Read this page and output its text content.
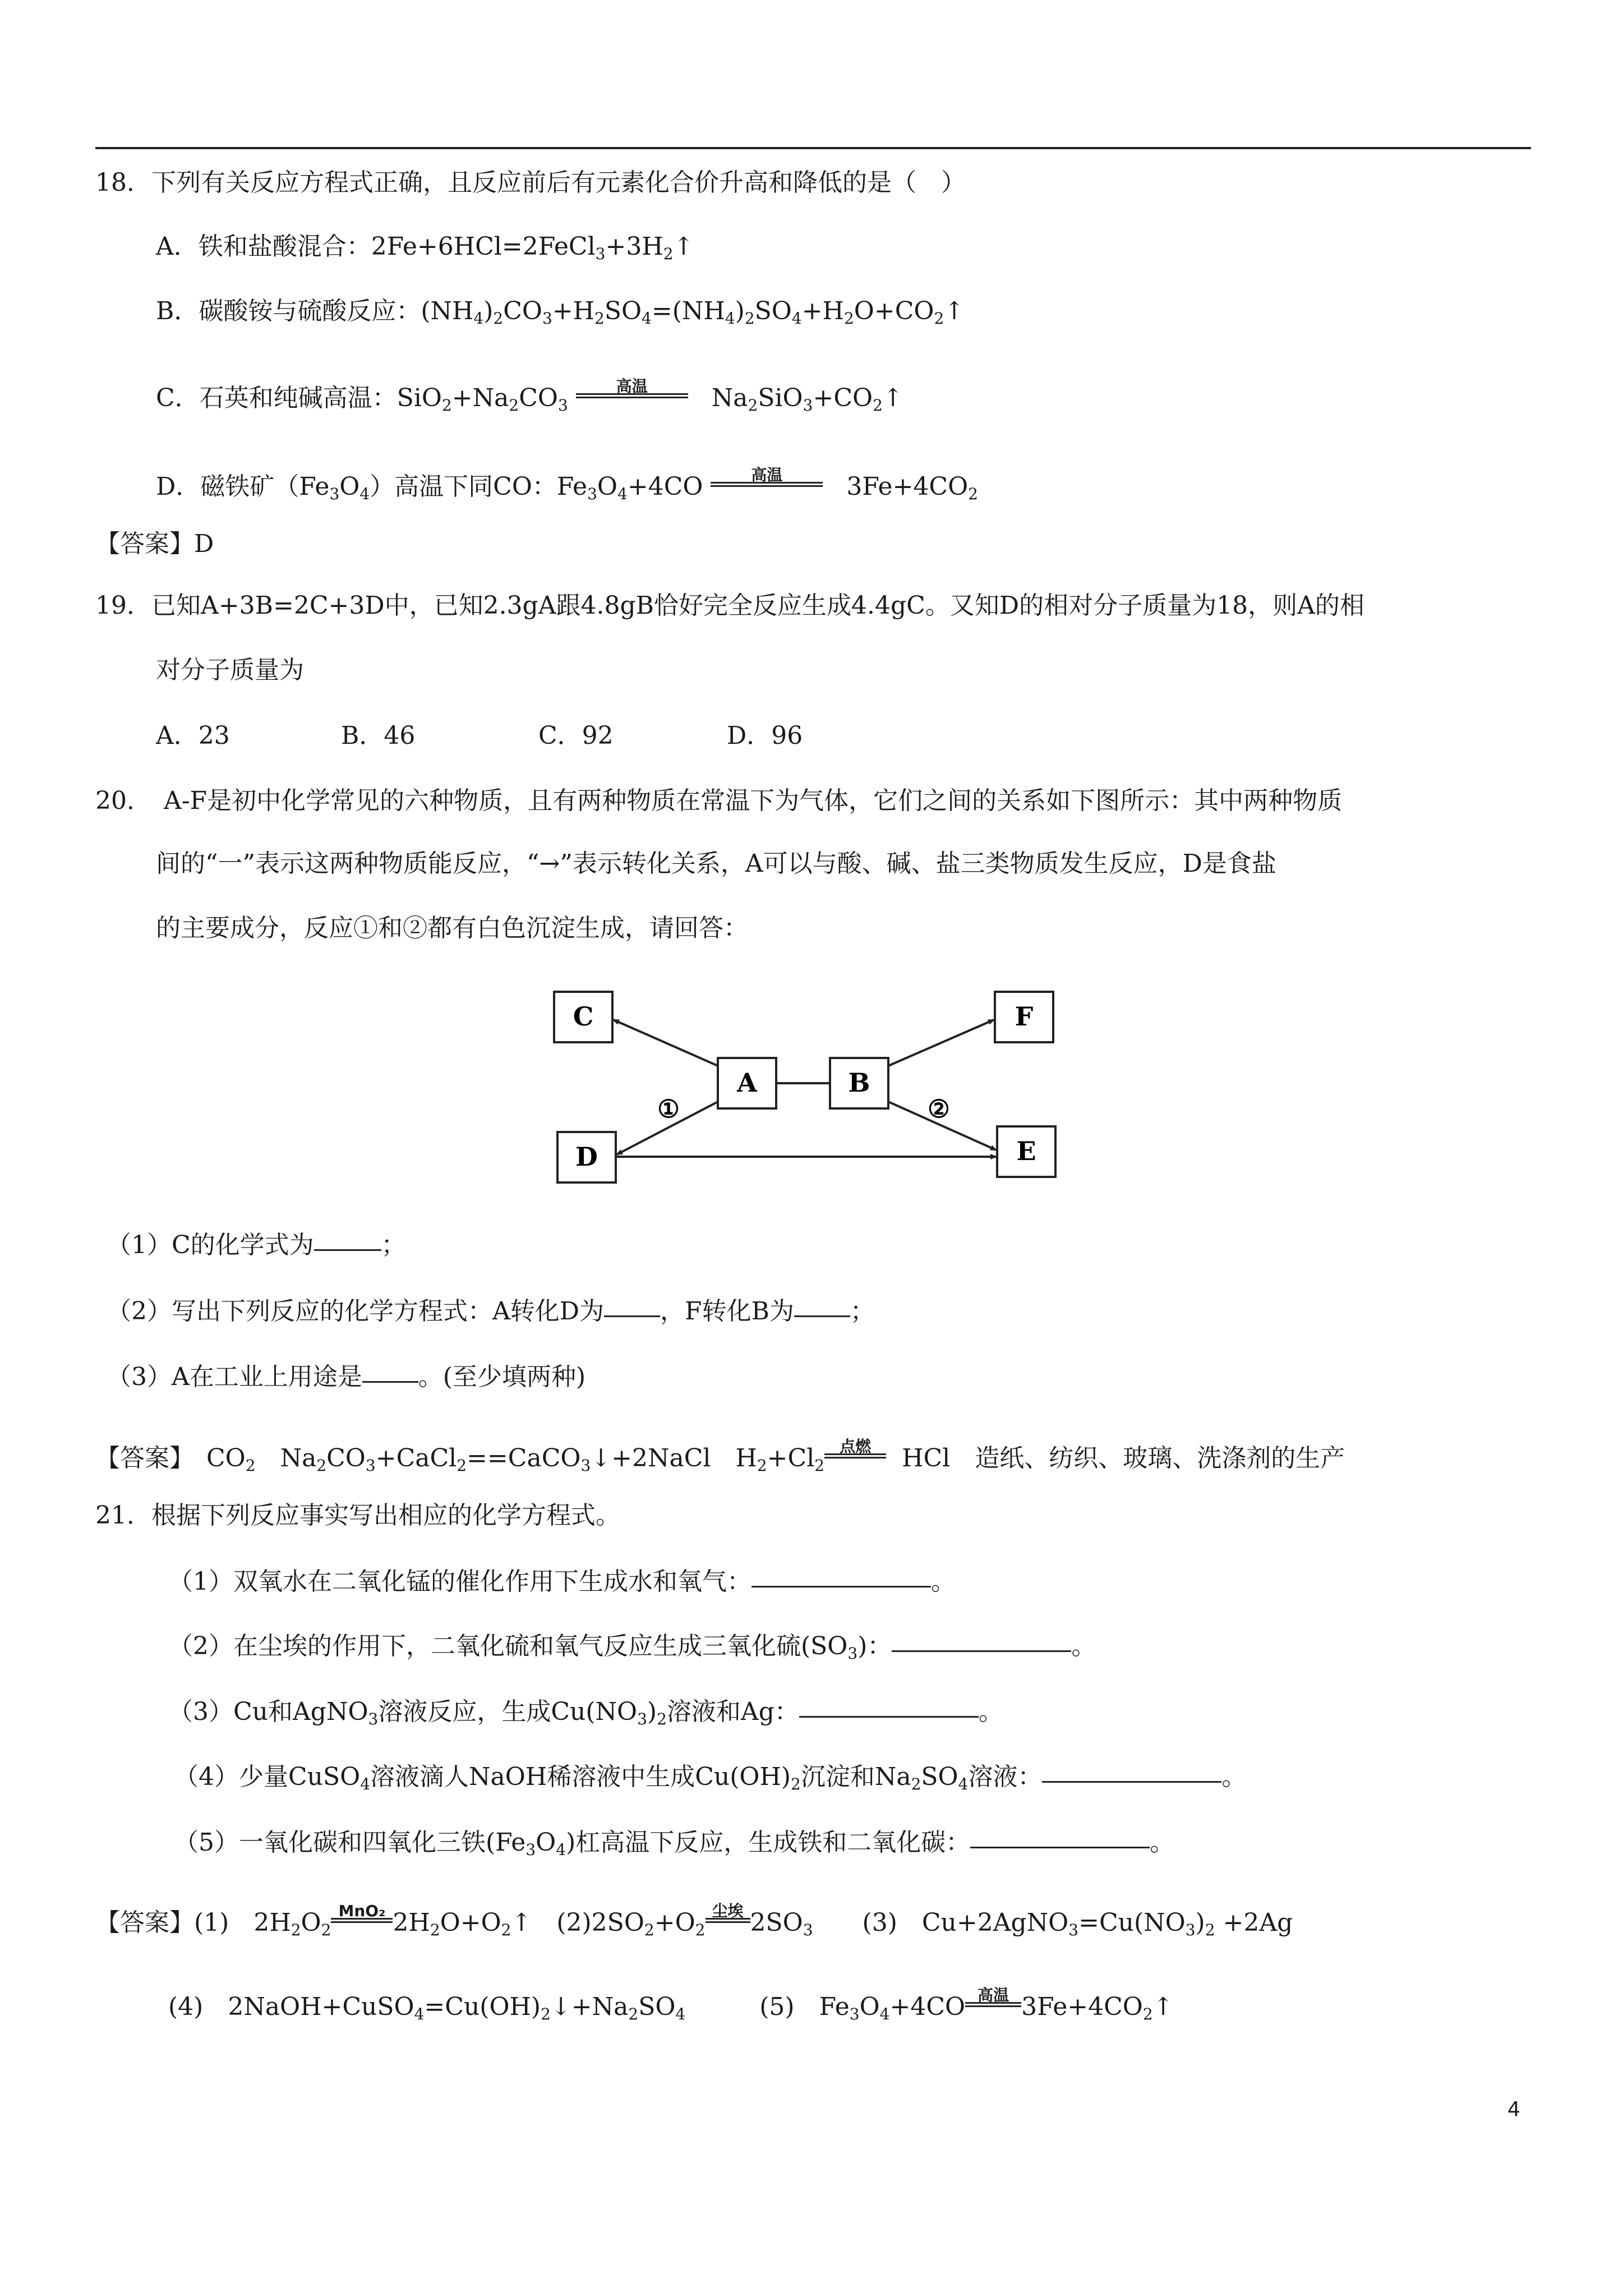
18．下列有关反应方程式正确，且反应前后有元素化合价升高和降低的是（　）
A．铁和盐酸混合：$2Fe+6HCl=2FeCl_3+3H_2↑$
B．碳酸铵与硫酸反应：$(NH_4)_2CO_3+H_2SO_4=(NH_4)_2SO_4+H_2O+CO_2↑$
C．石英和纯碱高温：$SiO_2+Na_2CO_3$
高温	$Na_2SiO_3+CO_2↑$
D．磁铁矿$(Fe_3O_4)$高温下同CO：$Fe_3O_4+4CO$	高温	$3Fe+4CO_2$
【答案】D
19．已知A+3B=2C+3D中，已知2.3gA跟4.8gB恰好完全反应生成4.4gC。又知D的相对分子质量为18，则A的相
对分子质量为
A．23	B．46	C．92	D．96
20．　A-F是初中化学常见的六种物质，且有两种物质在常温下为气体，它们之间的关系如下图所示：其中两种物质
间的“一”表示这两种物质能反应，“→”表示转化关系，A可以与酸、碱、盐三类物质发生反应，D是食盐
的主要成分，反应①和②都有白色沉淀生成，请回答：
C
A	B
F
D	E
①	②
（1）C的化学式为	；
（2）写出下列反应的化学方程式：A转化D为 ，F转化B为 ；
（3）A在工业上用途是 。(至少填两种)
【答案】　$CO_2$　$Na_2CO_3+CaCl_2==CaCO_3↓+2NaCl$　$H_2+Cl_2$
点燃	HCl　造纸、纺织、玻璃、洗涤剂的生产
21．根据下列反应事实写出相应的化学方程式。
（1）双氧水在二氧化锰的催化作用下生成水和氧气：	。
（2）在尘埃的作用下，二氧化硫和氧气反应生成三氧化硫$(SO_3)$：	。
（3）Cu和AgNO$_3$溶液反应，生成$Cu(NO_3)_2$溶液和Ag：	。
（4）少量CuSO$_4$溶液滴人NaOH稀溶液中生成$Cu(OH)_2$沉淀和$Na_2SO_4$溶液：	。
（5）一氧化碳和四氧化三铁$(Fe_3O_4)$杠高温下反应，生成铁和二氧化碳：	。
【答案】(1)　$2H_2O_2$
MnO₂ $2H_2O+O_2↑$　$(2)2SO_2+O_2$
尘埃 $2SO_3$　　(3)　$Cu+2AgNO_3=Cu(NO_3)_2 +2Ag$
(4)　$2NaOH+CuSO_4=Cu(OH)_2↓+Na_2SO_4$　　　(5)　$Fe_3O_4+4CO$ 高温 $3Fe+4CO_2↑$
4
